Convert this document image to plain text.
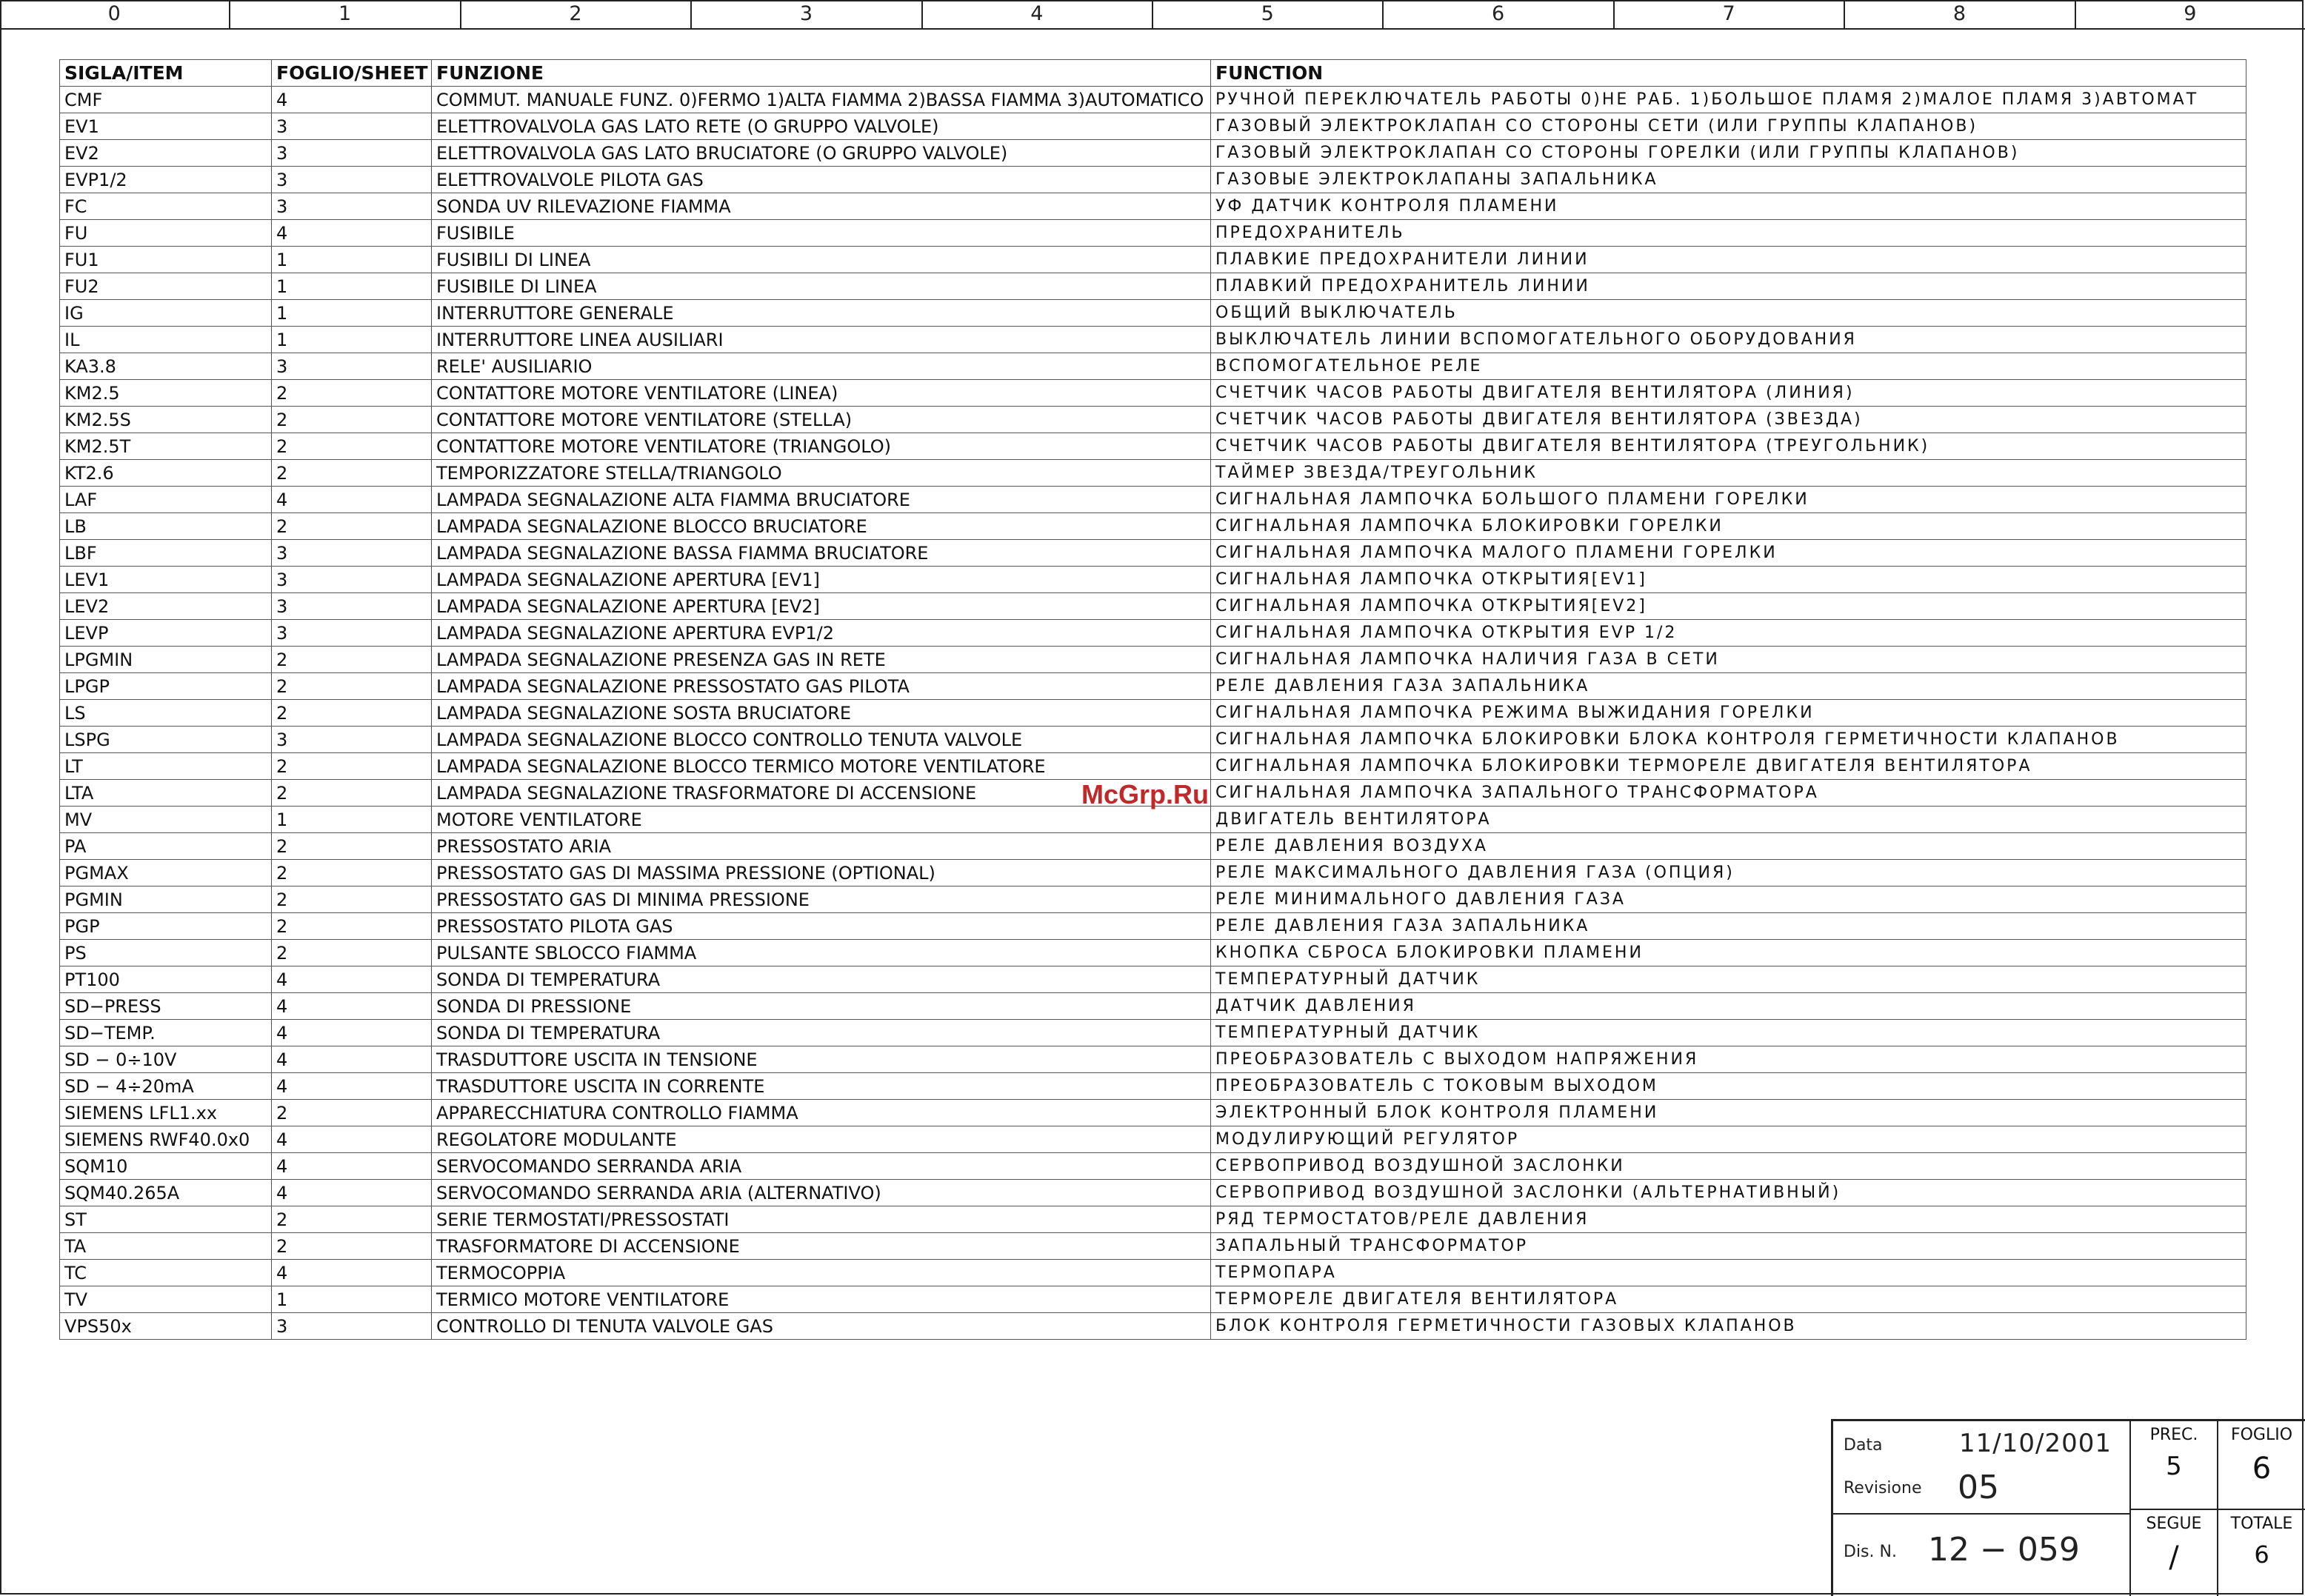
0	1	2	3	4	5	6	7	8	9
SIGLA/ITEM	FOGLIO/SHEET	FUNZIONE	FUNCTION
CMF	4	COMMUT. MANUALE FUNZ. 0)FERMO 1)ALTA FIAMMA 2)BASSA FIAMMA 3)AUTOMATICO	РУЧНОЙ ПЕРЕКЛЮЧАТЕЛЬ РАБОТЫ 0)НЕ РАБ. 1)БОЛЬШОЕ ПЛАМЯ 2)МАЛОЕ ПЛАМЯ 3)АВТОМАТ
EV1	3	ELETTROVALVOLA GAS LATO RETE (O GRUPPO VALVOLE)	ГАЗОВЫЙ ЭЛЕКТРОКЛАПАН СО СТОРОНЫ СЕТИ (ИЛИ ГРУППЫ КЛАПАНОВ)
EV2	3	ELETTROVALVOLA GAS LATO BRUCIATORE (O GRUPPO VALVOLE)	ГАЗОВЫЙ ЭЛЕКТРОКЛАПАН СО СТОРОНЫ ГОРЕЛКИ (ИЛИ ГРУППЫ КЛАПАНОВ)
EVP1/2	3	ELETTROVALVOLE PILOTA GAS	ГАЗОВЫЕ ЭЛЕКТРОКЛАПАНЫ ЗАПАЛЬНИКА
FC	3	SONDA UV RILEVAZIONE FIAMMA	УФ ДАТЧИК КОНТРОЛЯ ПЛАМЕНИ
FU	4	FUSIBILE	ПРЕДОХРАНИТЕЛЬ
FU1	1	FUSIBILI DI LINEA	ПЛАВКИЕ ПРЕДОХРАНИТЕЛИ ЛИНИИ
FU2	1	FUSIBILE DI LINEA	ПЛАВКИЙ ПРЕДОХРАНИТЕЛЬ ЛИНИИ
IG	1	INTERRUTTORE GENERALE	ОБЩИЙ ВЫКЛЮЧАТЕЛЬ
IL	1	INTERRUTTORE LINEA AUSILIARI	ВЫКЛЮЧАТЕЛЬ ЛИНИИ ВСПОМОГАТЕЛЬНОГО ОБОРУДОВАНИЯ
KA3.8	3	RELE' AUSILIARIO	ВСПОМОГАТЕЛЬНОЕ РЕЛЕ
KM2.5	2	CONTATTORE MOTORE VENTILATORE (LINEA)	СЧЕТЧИК ЧАСОВ РАБОТЫ ДВИГАТЕЛЯ ВЕНТИЛЯТОРА (ЛИНИЯ)
KM2.5S	2	CONTATTORE MOTORE VENTILATORE (STELLA)	СЧЕТЧИК ЧАСОВ РАБОТЫ ДВИГАТЕЛЯ ВЕНТИЛЯТОРА (ЗВЕЗДА)
KM2.5T	2	CONTATTORE MOTORE VENTILATORE (TRIANGOLO)	СЧЕТЧИК ЧАСОВ РАБОТЫ ДВИГАТЕЛЯ ВЕНТИЛЯТОРА (ТРЕУГОЛЬНИК)
KT2.6	2	TEMPORIZZATORE STELLA/TRIANGOLO	ТАЙМЕР ЗВЕЗДА/ТРЕУГОЛЬНИК
LAF	4	LAMPADA SEGNALAZIONE ALTA FIAMMA BRUCIATORE	СИГНАЛЬНАЯ ЛАМПОЧКА БОЛЬШОГО ПЛАМЕНИ ГОРЕЛКИ
LB	2	LAMPADA SEGNALAZIONE BLOCCO BRUCIATORE	СИГНАЛЬНАЯ ЛАМПОЧКА БЛОКИРОВКИ ГОРЕЛКИ
LBF	3	LAMPADA SEGNALAZIONE BASSA FIAMMA BRUCIATORE	СИГНАЛЬНАЯ ЛАМПОЧКА МАЛОГО ПЛАМЕНИ ГОРЕЛКИ
LEV1	3	LAMPADA SEGNALAZIONE APERTURA [EV1]	СИГНАЛЬНАЯ ЛАМПОЧКА ОТКРЫТИЯ[EV1]
LEV2	3	LAMPADA SEGNALAZIONE APERTURA [EV2]	СИГНАЛЬНАЯ ЛАМПОЧКА ОТКРЫТИЯ[EV2]
LEVP	3	LAMPADA SEGNALAZIONE APERTURA EVP1/2	СИГНАЛЬНАЯ ЛАМПОЧКА ОТКРЫТИЯ EVP 1/2
LPGMIN	2	LAMPADA SEGNALAZIONE PRESENZA GAS IN RETE	СИГНАЛЬНАЯ ЛАМПОЧКА НАЛИЧИЯ ГАЗА В СЕТИ
LPGP	2	LAMPADA SEGNALAZIONE PRESSOSTATO GAS PILOTA	РЕЛЕ ДАВЛЕНИЯ ГАЗА ЗАПАЛЬНИКА
LS	2	LAMPADA SEGNALAZIONE SOSTA BRUCIATORE	СИГНАЛЬНАЯ ЛАМПОЧКА РЕЖИМА ВЫЖИДАНИЯ ГОРЕЛКИ
LSPG	3	LAMPADA SEGNALAZIONE BLOCCO CONTROLLO TENUTA VALVOLE	СИГНАЛЬНАЯ ЛАМПОЧКА БЛОКИРОВКИ БЛОКА КОНТРОЛЯ ГЕРМЕТИЧНОСТИ КЛАПАНОВ
LT	2	LAMPADA SEGNALAZIONE BLOCCO TERMICO MOTORE VENTILATORE	СИГНАЛЬНАЯ ЛАМПОЧКА БЛОКИРОВКИ ТЕРМОРЕЛЕ ДВИГАТЕЛЯ ВЕНТИЛЯТОРА
LTA	2	LAMPADA SEGNALAZIONE TRASFORMATORE DI ACCENSIONE	СИГНАЛЬНАЯ ЛАМПОЧКА ЗАПАЛЬНОГО ТРАНСФОРМАТОРА
MV	1	MOTORE VENTILATORE	ДВИГАТЕЛЬ ВЕНТИЛЯТОРА
PA	2	PRESSOSTATO ARIA	РЕЛЕ ДАВЛЕНИЯ ВОЗДУХА
PGMAX	2	PRESSOSTATO GAS DI MASSIMA PRESSIONE (OPTIONAL)	РЕЛЕ МАКСИМАЛЬНОГО ДАВЛЕНИЯ ГАЗА (ОПЦИЯ)
PGMIN	2	PRESSOSTATO GAS DI MINIMA PRESSIONE	РЕЛЕ МИНИМАЛЬНОГО ДАВЛЕНИЯ ГАЗА
PGP	2	PRESSOSTATO PILOTA GAS	РЕЛЕ ДАВЛЕНИЯ ГАЗА ЗАПАЛЬНИКА
PS	2	PULSANTE SBLOCCO FIAMMA	КНОПКА СБРОСА БЛОКИРОВКИ ПЛАМЕНИ
PT100	4	SONDA DI TEMPERATURA	ТЕМПЕРАТУРНЫЙ ДАТЧИК
SD−PRESS	4	SONDA DI PRESSIONE	ДАТЧИК ДАВЛЕНИЯ
SD−TEMP.	4	SONDA DI TEMPERATURA	ТЕМПЕРАТУРНЫЙ ДАТЧИК
SD − 0÷10V	4	TRASDUTTORE USCITA IN TENSIONE	ПРЕОБРАЗОВАТЕЛЬ С ВЫХОДОМ НАПРЯЖЕНИЯ
SD − 4÷20mA	4	TRASDUTTORE USCITA IN CORRENTE	ПРЕОБРАЗОВАТЕЛЬ С ТОКОВЫМ ВЫХОДОМ
SIEMENS LFL1.xx	2	APPARECCHIATURA CONTROLLO FIAMMA	ЭЛЕКТРОННЫЙ БЛОК КОНТРОЛЯ ПЛАМЕНИ
SIEMENS RWF40.0x0	4	REGOLATORE MODULANTE	МОДУЛИРУЮЩИЙ РЕГУЛЯТОР
SQM10	4	SERVOCOMANDO SERRANDA ARIA	СЕРВОПРИВОД ВОЗДУШНОЙ ЗАСЛОНКИ
SQM40.265A	4	SERVOCOMANDO SERRANDA ARIA (ALTERNATIVO)	СЕРВОПРИВОД ВОЗДУШНОЙ ЗАСЛОНКИ (АЛЬТЕРНАТИВНЫЙ)
ST	2	SERIE TERMOSTATI/PRESSOSTATI	РЯД ТЕРМОСТАТОВ/РЕЛЕ ДАВЛЕНИЯ
TA	2	TRASFORMATORE DI ACCENSIONE	ЗАПАЛЬНЫЙ ТРАНСФОРМАТОР
TC	4	TERMOCOPPIA	ТЕРМОПАРА
TV	1	TERMICO MOTORE VENTILATORE	ТЕРМОРЕЛЕ ДВИГАТЕЛЯ ВЕНТИЛЯТОРА
VPS50x	3	CONTROLLO DI TENUTA VALVOLE GAS	БЛОК КОНТРОЛЯ ГЕРМЕТИЧНОСТИ ГАЗОВЫХ КЛАПАНОВ
McGrp.Ru
Data	11/10/2001
Revisione 05
Dis. N. 12 − 059
PREC.
5
FOGLIO
6
SEGUE
/
TOTALE
6
